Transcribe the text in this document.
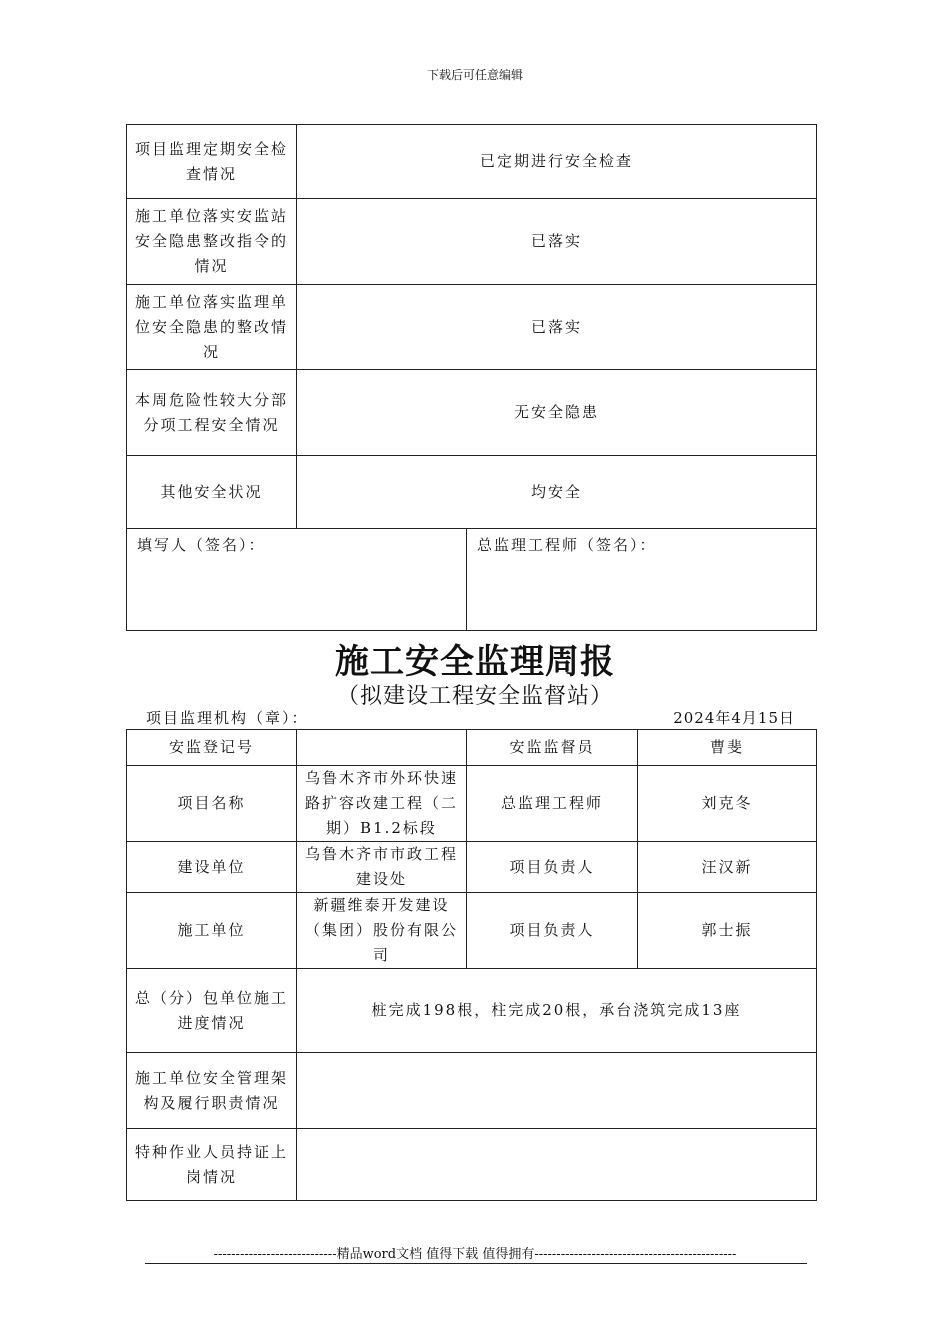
下载后可任意编辑
项目监理定期安全检查情况	已定期进行安全检查	
施工单位落实安监站安全隐患整改指令的情况	已落实	
施工单位落实监理单位安全隐患的整改情况	已落实	
本周危险性较大分部分项工程安全情况	无安全隐患	
其他安全状况	均安全	
填写人（签名）：		总监理工程师（签名）：
施工安全监理周报
（拟建设工程安全监督站）
项目监理机构（章）：	2024年4月15日
安监登记号		安监监督员	曹斐
项目名称	乌鲁木齐市外环快速路扩容改建工程（二期）B1.2标段	总监理工程师	刘克冬
建设单位	乌鲁木齐市市政工程建设处	项目负责人	汪汉新
施工单位	新疆维泰开发建设（集团）股份有限公司	项目负责人	郭士振
总（分）包单位施工进度情况	桩完成198根，柱完成20根，承台浇筑完成13座		
施工单位安全管理架构及履行职责情况			
特种作业人员持证上岗情况			
----------------------------精品word文档 值得下载 值得拥有----------------------------------------------
